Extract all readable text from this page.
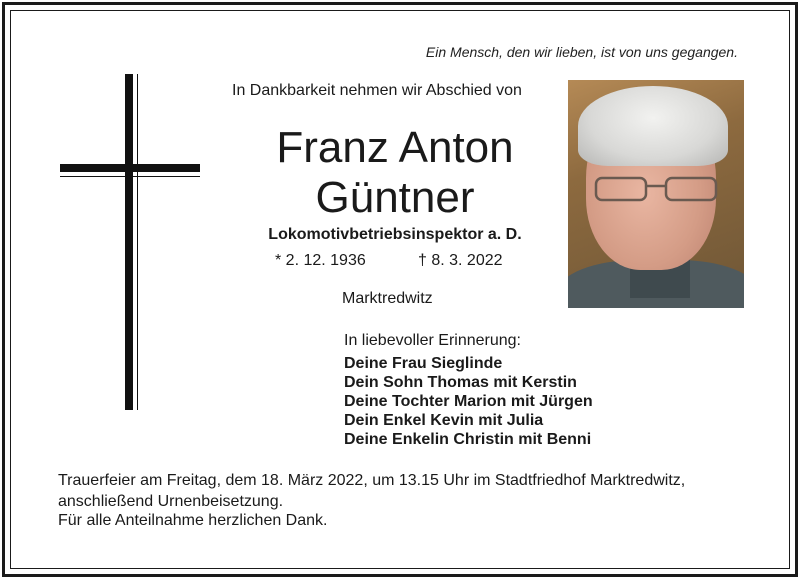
Ein Mensch, den wir lieben, ist von uns gegangen.
In Dankbarkeit nehmen wir Abschied von
Franz Anton
Güntner
Lokomotivbetriebsinspektor a. D.
* 2. 12. 1936	† 8. 3. 2022
Marktredwitz
In liebevoller Erinnerung:
Deine Frau Sieglinde
Dein Sohn Thomas mit Kerstin
Deine Tochter Marion mit Jürgen
Dein Enkel Kevin mit Julia
Deine Enkelin Christin mit Benni
Trauerfeier am Freitag, dem 18. März 2022, um 13.15 Uhr im Stadtfriedhof Marktredwitz, anschließend Urnenbeisetzung.
Für alle Anteilnahme herzlichen Dank.
